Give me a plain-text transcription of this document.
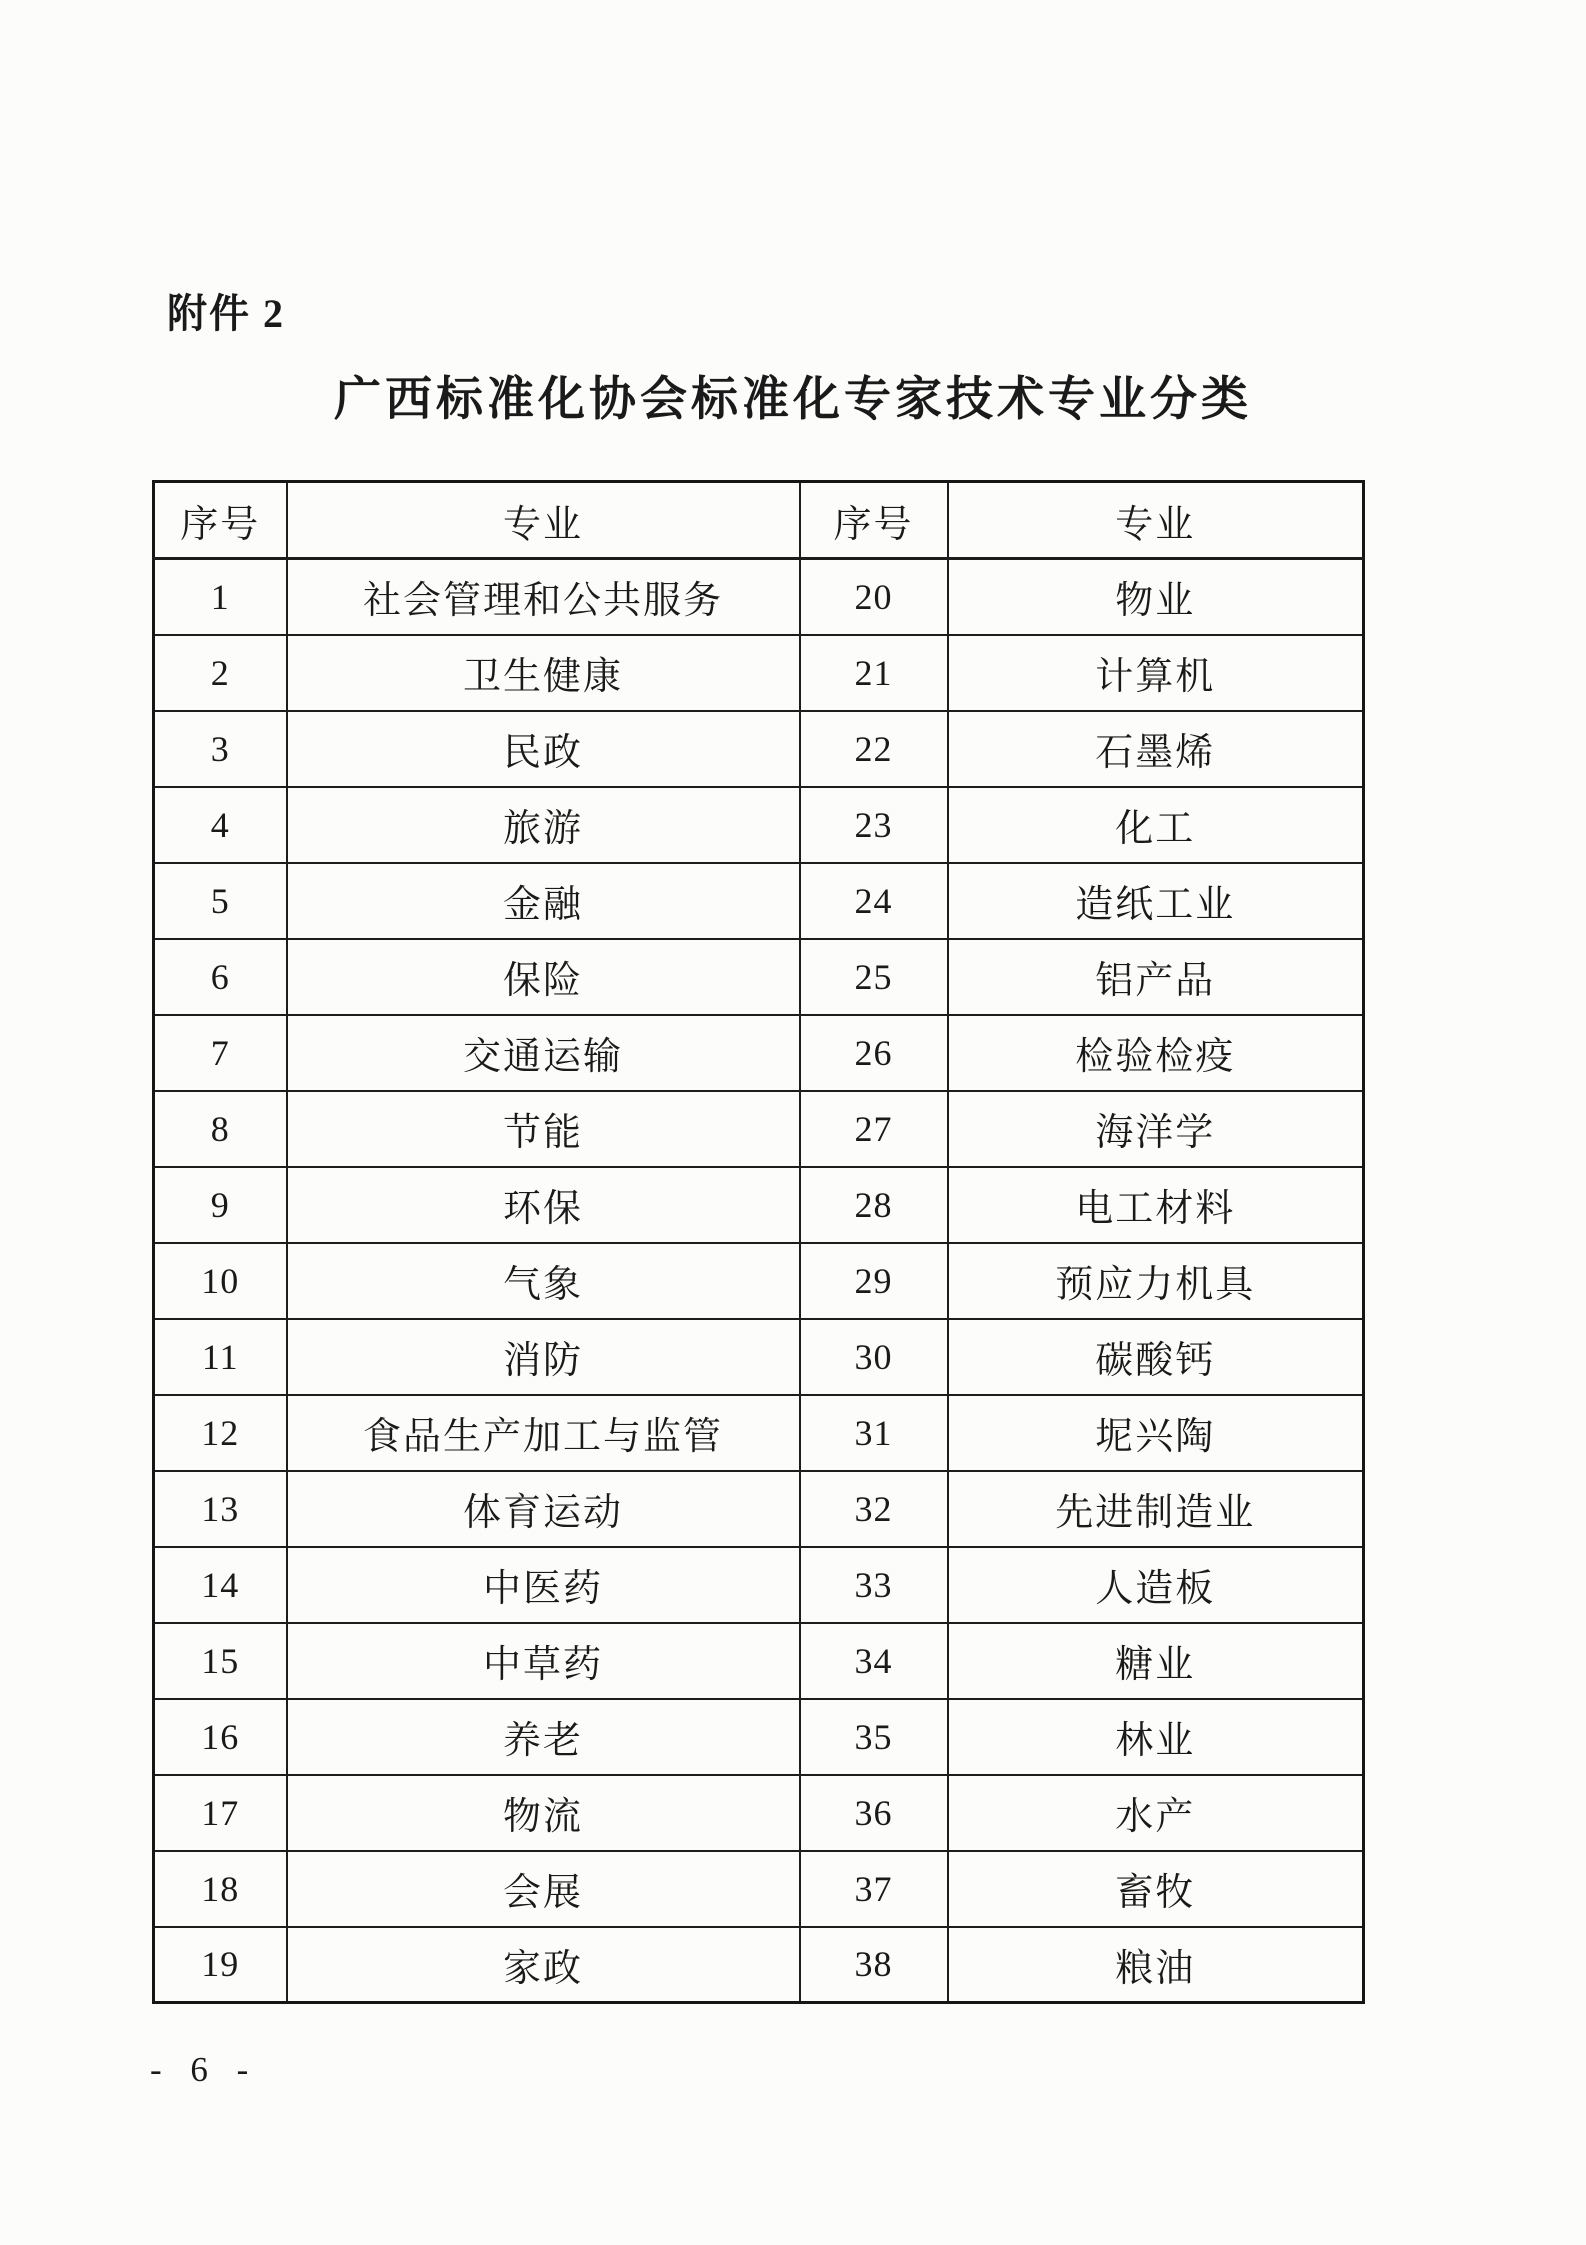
附件 2
广西标准化协会标准化专家技术专业分类
序号	专业	序号	专业
1	社会管理和公共服务	20	物业
2	卫生健康	21	计算机
3	民政	22	石墨烯
4	旅游	23	化工
5	金融	24	造纸工业
6	保险	25	铝产品
7	交通运输	26	检验检疫
8	节能	27	海洋学
9	环保	28	电工材料
10	气象	29	预应力机具
11	消防	30	碳酸钙
12	食品生产加工与监管	31	坭兴陶
13	体育运动	32	先进制造业
14	中医药	33	人造板
15	中草药	34	糖业
16	养老	35	林业
17	物流	36	水产
18	会展	37	畜牧
19	家政	38	粮油
- 6 -
